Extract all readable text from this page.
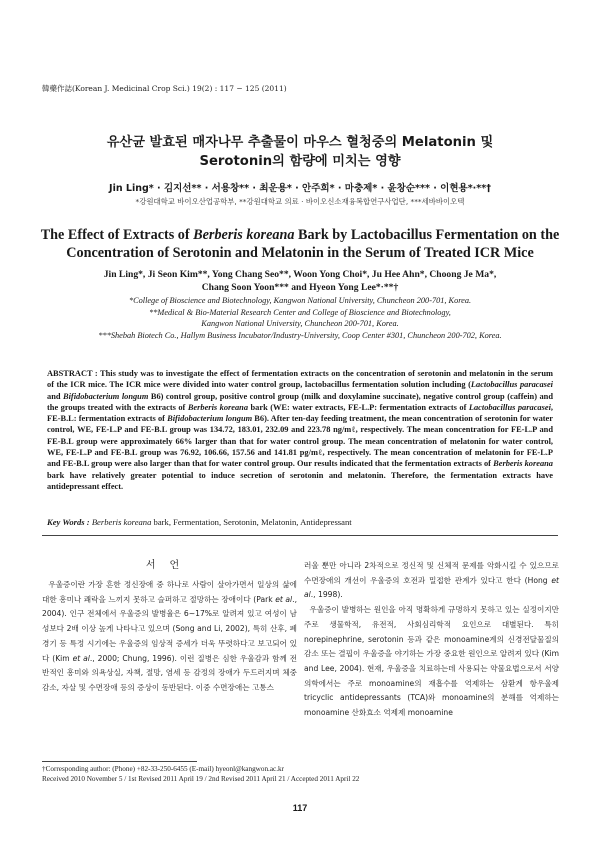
韓藥作誌(Korean J. Medicinal Crop Sci.) 19(2) : 117 − 125 (2011)
유산균 발효된 매자나무 추출물이 마우스 혈청중의 Melatonin 및
Serotonin의 함량에 미치는 영향
Jin Ling* · 김지선** · 서용창** · 최운용* · 안주희* · 마충제* · 윤창순*** · 이현용*·**†
*강원대학교 바이오산업공학부, **강원대학교 의료 · 바이오신소재융복합연구사업단, ***세바바이오텍
The Effect of Extracts of Berberis koreana Bark by Lactobacillus Fermentation on the
Concentration of Serotonin and Melatonin in the Serum of Treated ICR Mice
Jin Ling*, Ji Seon Kim**, Yong Chang Seo**, Woon Yong Choi*, Ju Hee Ahn*, Choong Je Ma*,
Chang Soon Yoon*** and Hyeon Yong Lee*·**†
*College of Bioscience and Biotechnology, Kangwon National University, Chuncheon 200-701, Korea.
**Medical & Bio-Material Research Center and College of Bioscience and Biotechnology,
Kangwon National University, Chuncheon 200-701, Korea.
***Shebah Biotech Co., Hallym Business Incubator/Industry-University, Coop Center #301, Chuncheon 200-702, Korea.
ABSTRACT : This study was to investigate the effect of fermentation extracts on the concentration of serotonin and melatonin in the serum of the ICR mice. The ICR mice were divided into water control group, lactobacillus fermentation solution including (Lactobacillus paracasei and Bifidobacterium longum B6) control group, positive control group (milk and doxylamine succinate), negative control group (caffein) and the groups treated with the extracts of Berberis koreana bark (WE: water extracts, FE-L.P: fermentation extracts of Lactobacillus paracasei, FE-B.L: fermentation extracts of Bifidobacterium longum B6). After ten-day feeding treatment, the mean concentration of serotonin for water control, WE, FE-L.P and FE-B.L group was 134.72, 183.01, 232.09 and 223.78 ng/mℓ, respectively. The mean concentration for FE-L.P and FE-B.L group were approximately 66% larger than that for water control group. The mean concentration of melatonin for water control, WE, FE-L.P and FE-B.L group was 76.92, 106.66, 157.56 and 141.81 pg/mℓ, respectively. The mean concentration of melatonin for FE-L.P and FE-B.L group were also larger than that for water control group. Our results indicated that the fermentation extracts of Berberis koreana bark have relatively greater potential to induce secretion of serotonin and melatonin. Therefore, the fermentation extracts have antidepressant effect.
Key Words : Berberis koreana bark, Fermentation, Serotonin, Melatonin, Antidepressant
서언

우울증이란 가장 흔한 정신장애 중 하나로 사람이 살아가면서 일상의 삶에 대한 흥미나 쾌락을 느끼지 못하고 슬퍼하고 절망하는 장애이다 (Park et al., 2004). 인구 전체에서 우울증의 발병율은 6~17%로 알려져 있고 여성이 남성보다 2배 이상 높게 나타나고 있으며 (Song and Li, 2002), 특히 산후, 폐경기 등 특정 시기에는 우울증의 임상적 증세가 더욱 뚜렷하다고 보고되어 있다 (Kim et al., 2000; Chung, 1996). 이런 질병은 심한 우울감과 함께 전반적인 흥미와 의욕상실, 자책, 절망, 염세 등 감정의 장애가 두드러지며 체중감소, 자살 및 수면장애 등의 증상이 동반된다. 이중 수면장애는 고통스

러울 뿐만 아니라 2차적으로 정신적 및 신체적 문제를 악화시킬 수 있으므로 수면장애의 개선이 우울증의 호전과 밀접한 관계가 있다고 한다 (Hong et al., 1998).

우울증이 발병하는 원인을 아직 명확하게 규명하지 못하고 있는 실정이지만 주로 생물학적, 유전적, 사회심리학적 요인으로 대별된다. 특히 norepinephrine, serotonin 등과 같은 monoamine계의 신경전달물질의 감소 또는 결핍이 우울증을 야기하는 가장 중요한 원인으로 알려져 있다 (Kim and Lee, 2004). 현재, 우울증을 치료하는데 사용되는 약물요법으로서 서양의학에서는 주로 monoamine의 재흡수를 억제하는 삼환계 항우울제 tricyclic antidepressants (TCA)와 monoamine의 분해를 억제하는 monoamine 산화효소 억제제 monoamine

†Corresponding author: (Phone) +82-33-250-6455 (E-mail) hyeonl@kangwon.ac.kr
Received 2010 November 5 / 1st Revised 2011 April 19 / 2nd Revised 2011 April 21 / Accepted 2011 April 22
117
